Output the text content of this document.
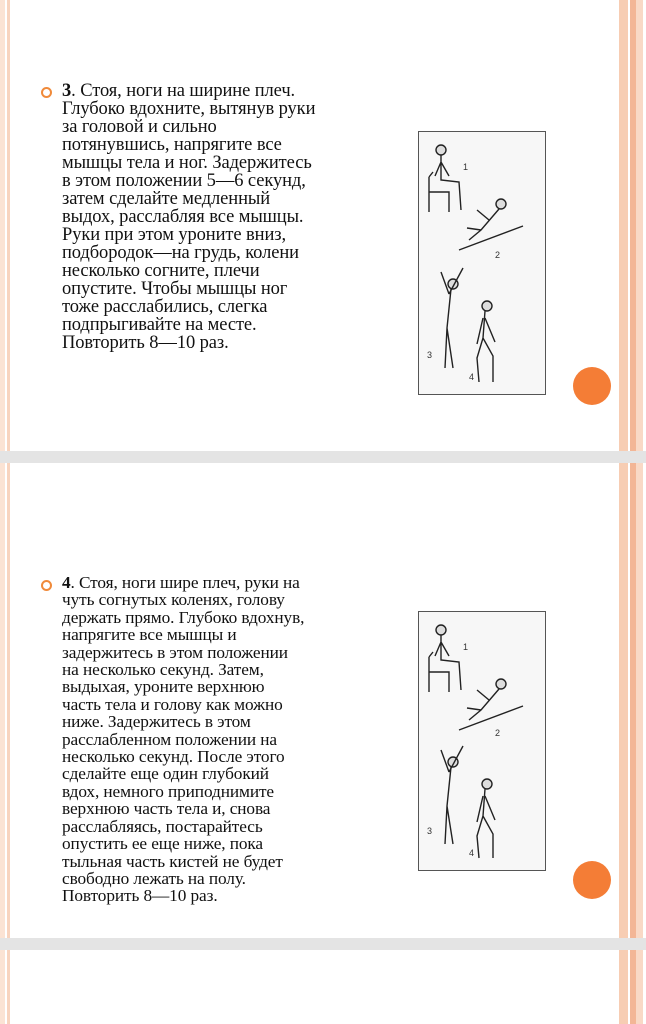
3. Стоя, ноги на ширине плеч.
Глубоко вдохните, вытянув руки
за головой и сильно
потянувшись, напрягите все
мышцы тела и ног. Задержитесь
в этом положении 5—6 секунд,
затем сделайте медленный
выдох, расслабляя все мышцы.
Руки при этом уроните вниз,
подбородок—на грудь, колени
несколько согните, плечи
опустите. Чтобы мышцы ног
тоже расслабились, слегка
подпрыгивайте на месте.
Повторить 8—10 раз.
1
2
3
4
4. Стоя, ноги шире плеч, руки на
чуть согнутых коленях, голову
держать прямо. Глубоко вдохнув,
напрягите все мышцы и
задержитесь в этом положении
на несколько секунд. Затем,
выдыхая, уроните верхнюю
часть тела и голову как можно
ниже. Задержитесь в этом
расслабленном положении на
несколько секунд. После этого
сделайте еще один глубокий
вдох, немного приподнимите
верхнюю часть тела и, снова
расслабляясь, постарайтесь
опустить ее еще ниже, пока
тыльная часть кистей не будет
свободно лежать на полу.
Повторить 8—10 раз.
1
2
3
4
